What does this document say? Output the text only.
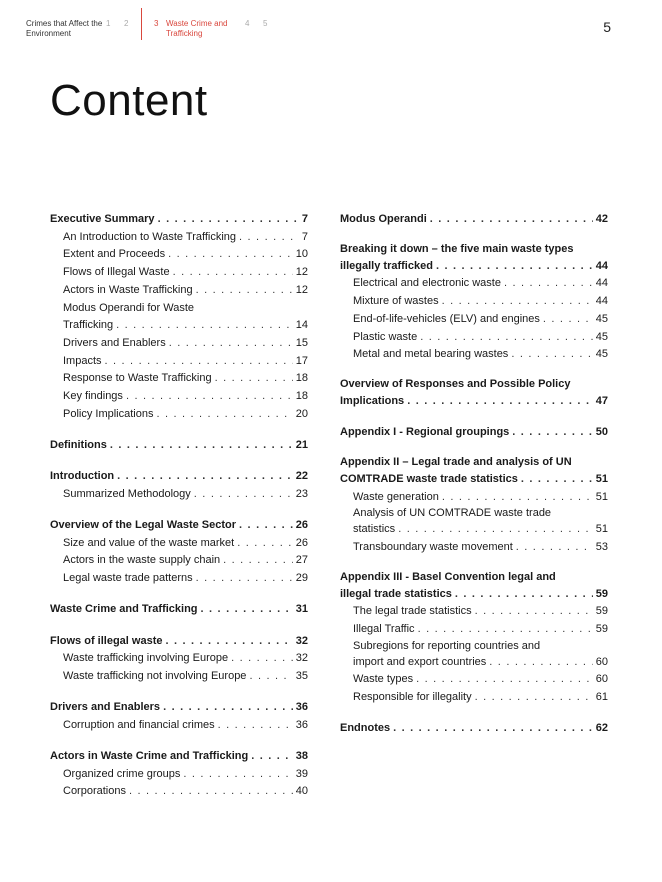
Crimes that Affect the Environment
1 2	3 Waste Crime and Trafficking
4 5	5
Content
Executive Summary . . .	7
An Introduction to Waste Trafficking . . .	7
Extent and Proceeds . . .	10
Flows of Illegal Waste . . .	12
Actors in Waste Trafficking . . .	12
Modus Operandi for Waste
Trafficking . . .	14
Drivers and Enablers . . .	15
Impacts . . .	17
Response to Waste Trafficking . . .	18
Key findings . . .	18
Policy Implications . . .	20
Definitions . . .	21
Introduction . . .	22
Summarized Methodology . . .	23
Overview of the Legal Waste Sector . . .	26
Size and value of the waste market . . .	26
Actors in the waste supply chain . . .	27
Legal waste trade patterns . . .	29
Waste Crime and Trafficking . . .	31
Flows of illegal waste . . .	32
Waste trafficking involving Europe . . .	32
Waste trafficking not involving Europe . . .	35
Drivers and Enablers . . .	36
Corruption and financial crimes . . .	36
Actors in Waste Crime and Trafficking . . .	38
Organized crime groups . . .	39
Corporations . . .	40
Modus Operandi . . .	42
Breaking it down – the five main waste types
illegally trafficked . . .	44
Electrical and electronic waste . . .	44
Mixture of wastes . . .	44
End-of-life-vehicles (ELV) and engines . . .	45
Plastic waste . . .	45
Metal and metal bearing wastes . . .	45
Overview of Responses and Possible Policy
Implications . . .	47
Appendix I - Regional groupings . . .	50
Appendix II – Legal trade and analysis of UN
COMTRADE waste trade statistics . . .	51
Waste generation . . .	51
Analysis of UN COMTRADE waste trade
statistics . . .	51
Transboundary waste movement . . .	53
Appendix III - Basel Convention legal and
illegal trade statistics . . .	59
The legal trade statistics . . .	59
Illegal Traffic . . .	59
Subregions for reporting countries and
import and export countries . . .	60
Waste types . . .	60
Responsible for illegality . . .	61
Endnotes . . .	62
